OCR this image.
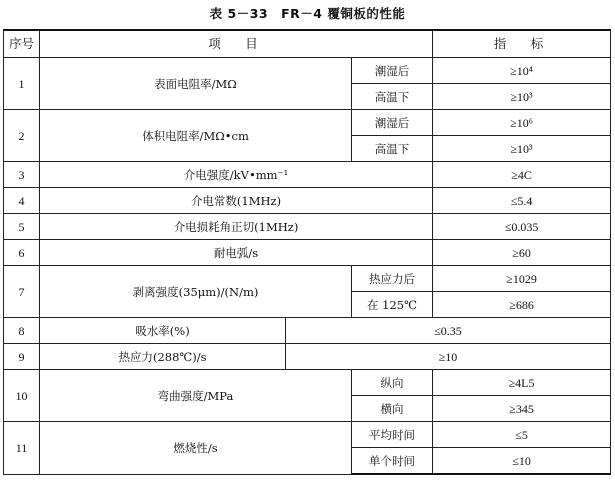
表 5－33　FR－4 覆铜板的性能
序号	项　目			指　标
1	表面电阻率/MΩ		潮湿后	≥10⁴
			高温下	≥10³
2	体积电阻率/MΩ•cm		潮湿后	≥10⁶
			高温下	≥10³
3	介电强度/kV•mm⁻¹			≥4C
4	介电常数(1MHz)			≤5.4
5	介电损耗角正切(1MHz)			≤0.035
6	耐电弧/s			≥60
7	剥离强度(35μm)/(N/m)		热应力后	≥1029
			在 125℃	≥686
8	吸水率(%)	≤0.35		
9	热应力(288℃)/s	≥10		
10	弯曲强度/MPa		纵向	≥4L5
			横向	≥345
11	燃烧性/s		平均时间	≤5
			单个时间	≤10
